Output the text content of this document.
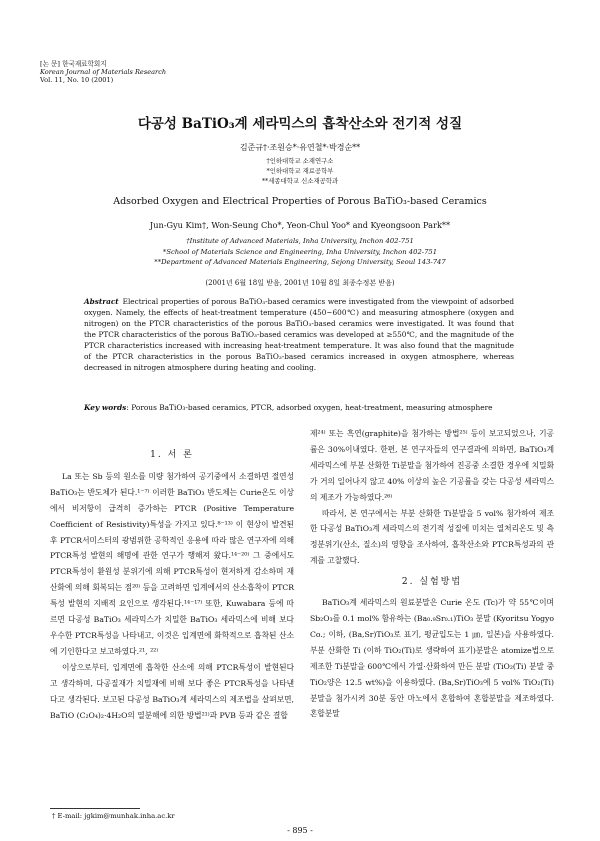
[논 문] 한국재료학회지
Korean Journal of Materials Research
Vol. 11, No. 10 (2001)
다공성 BaTiO₃계 세라믹스의 흡착산소와 전기적 성질
김준규†·조원승*·유연철*·박경순**
†인하대학교 소재연구소
*인하대학교 재료공학부
**세종대학교 신소재공학과
Adsorbed Oxygen and Electrical Properties of Porous BaTiO₃-based Ceramics
Jun-Gyu Kim†, Won-Seung Cho*, Yeon-Chul Yoo* and Kyeongsoon Park**
†Institute of Advanced Materials, Inha University, Inchon 402-751
*School of Materials Science and Engineering, Inha University, Inchon 402-751
**Department of Advanced Materials Engineering, Sejong University, Seoul 143-747
(2001년 6월 18일 받음, 2001년 10월 8일 최종수정본 받음)
Abstract Electrical properties of porous BaTiO₃-based ceramics were investigated from the viewpoint of adsorbed oxygen. Namely, the effects of heat-treatment temperature (450~600℃) and measuring atmosphere (oxygen and nitrogen) on the PTCR characteristics of the porous BaTiO₃-based ceramics were investigated. It was found that the PTCR characteristics of the porous BaTiO₃-based ceramics was developed at ≥550℃, and the magnitude of the PTCR characteristics increased with increasing heat-treatment temperature. It was also found that the magnitude of the PTCR characteristics in the porous BaTiO₃-based ceramics increased in oxygen atmosphere, whereas decreased in nitrogen atmosphere during heating and cooling.
Key words: Porous BaTiO₃-based ceramics, PTCR, adsorbed oxygen, heat-treatment, measuring atmosphere
1. 서 론

La 또는 Sb 등의 원소를 미량 첨가하여 공기중에서 소결하면 절연성 BaTiO₃는 반도체가 된다.¹⁻⁷⁾ 이러한 BaTiO₃ 반도체는 Curie온도 이상에서 비저항이 급격히 증가하는 PTCR (Positive Temperature Coefficient of Resistivity)특성을 가지고 있다.⁸⁻¹³⁾ 이 현상이 발견된 후 PTCR서미스터의 광범위한 공학적인 응용에 따라 많은 연구자에 의해 PTCR특성 발현의 해명에 관한 연구가 행해져 왔다.¹⁴⁻²⁰⁾ 그 중에서도 PTCR특성이 환원성 분위기에 의해 PTCR특성이 현저하게 감소하며 재산화에 의해 회복되는 점²⁰⁾ 등을 고려하면 입계에서의 산소흡착이 PTCR특성 발현의 지배적 요인으로 생각된다.¹⁴⁻¹⁷⁾ 또한, Kuwabara 등에 따르면 다공성 BaTiO₃ 세라믹스가 치밀한 BaTiO₃ 세라믹스에 비해 보다 우수한 PTCR특성을 나타내고, 이것은 입계면에 화학적으로 흡착된 산소에 기인한다고 보고하였다.²¹, ²²⁾

이상으로부터, 입계면에 흡착한 산소에 의해 PTCR특성이 발현된다고 생각하며, 다공질재가 치밀재에 비해 보다 좋은 PTCR특성을 나타낸다고 생각된다. 보고된 다공성 BaTiO₃계 세라믹스의 제조법을 살펴보면, BaTiO (C₂O₄)₂·4H₂O의 열분해에 의한 방법²¹⁾과 PVB 등과 같은 결합

제²⁴⁾ 또는 흑연(graphite)을 첨가하는 방법²⁵⁾ 등이 보고되었으나, 기공률은 30%이내였다. 한편, 본 연구자들의 연구결과에 의하면, BaTiO₃계 세라믹스에 부분 산화한 Ti분말을 첨가하여 진공중 소결한 경우에 치밀화가 거의 일어나지 않고 40% 이상의 높은 기공률을 갖는 다공성 세라믹스의 제조가 가능하였다.²⁶⁾

따라서, 본 연구에서는 부분 산화한 Ti분말을 5 vol% 첨가하여 제조한 다공성 BaTiO₃계 세라믹스의 전기적 성질에 미치는 열처리온도 및 측정분위기(산소, 질소)의 영향을 조사하여, 흡착산소와 PTCR특성과의 관계를 고찰했다.

2. 실험방법

BaTiO₃계 세라믹스의 원료분말은 Curie 온도 (Tc)가 약 55℃이며 Sb₂O₃를 0.1 mol% 함유하는 (Ba₀.₉Sr₀.₁)TiO₃ 분말 (Kyoritsu Yogyo Co.; 이하, (Ba,Sr)TiO₃로 표기, 평균입도는 1 ㎛, 일본)을 사용하였다. 부분 산화한 Ti (이하 TiO₂(Ti)로 생략하여 표기)분말은 atomize법으로 제조한 Ti분말을 600℃에서 가열·산화하여 만든 분말 (TiO₂(Ti) 분말 중 TiO₂양은 12.5 wt%)을 이용하였다. (Ba,Sr)TiO₃에 5 vol% TiO₂(Ti) 분말을 첨가시켜 30분 동안 마노에서 혼합하여 혼합분말을 제조하였다. 혼합분말

† E-mail: jgkim@munhak.inha.ac.kr
- 895 -
